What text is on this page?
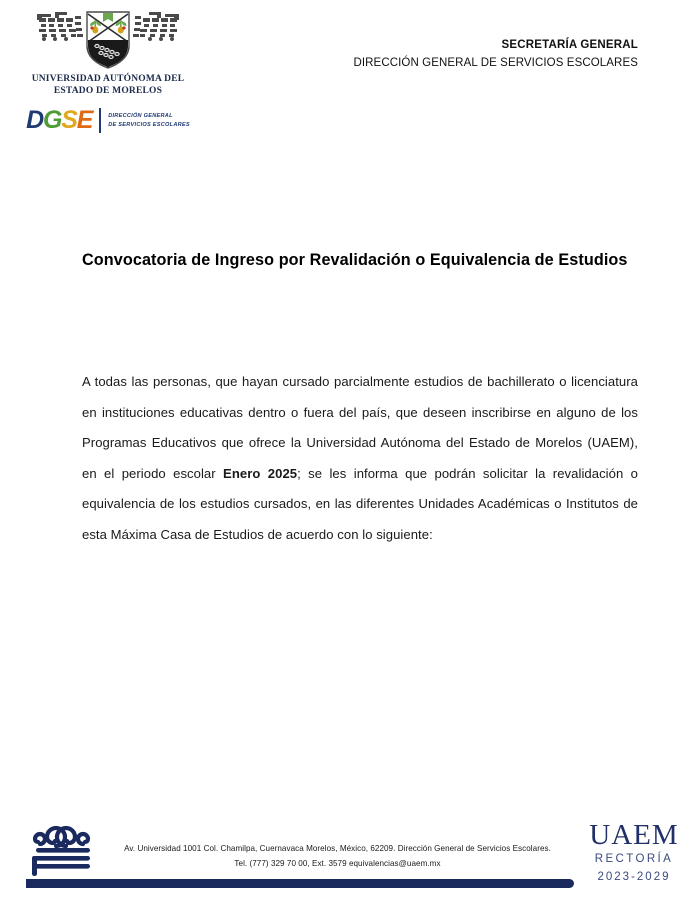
UNIVERSIDAD AUTÓNOMA DEL
ESTADO DE MORELOS
DGSE	DIRECCIÓN GENERAL
DE SERVICIOS ESCOLARES
SECRETARÍA GENERAL
DIRECCIÓN GENERAL DE SERVICIOS ESCOLARES
Convocatoria de Ingreso por Revalidación o Equivalencia de Estudios

A todas las personas, que hayan cursado parcialmente estudios de bachillerato o licenciatura en instituciones educativas dentro o fuera del país, que deseen inscribirse en alguno de los Programas Educativos que ofrece la Universidad Autónoma del Estado de Morelos (UAEM), en el periodo escolar Enero 2025; se les informa que podrán solicitar la revalidación o equivalencia de los estudios cursados, en las diferentes Unidades Académicas o Institutos de esta Máxima Casa de Estudios de acuerdo con lo siguiente:

Av. Universidad 1001 Col. Chamilpa, Cuernavaca Morelos, México, 62209. Dirección General de Servicios Escolares.
Tel. (777) 329 70 00, Ext. 3579 equivalencias@uaem.mx
UAEM
RECTORÍA
2023-2029
